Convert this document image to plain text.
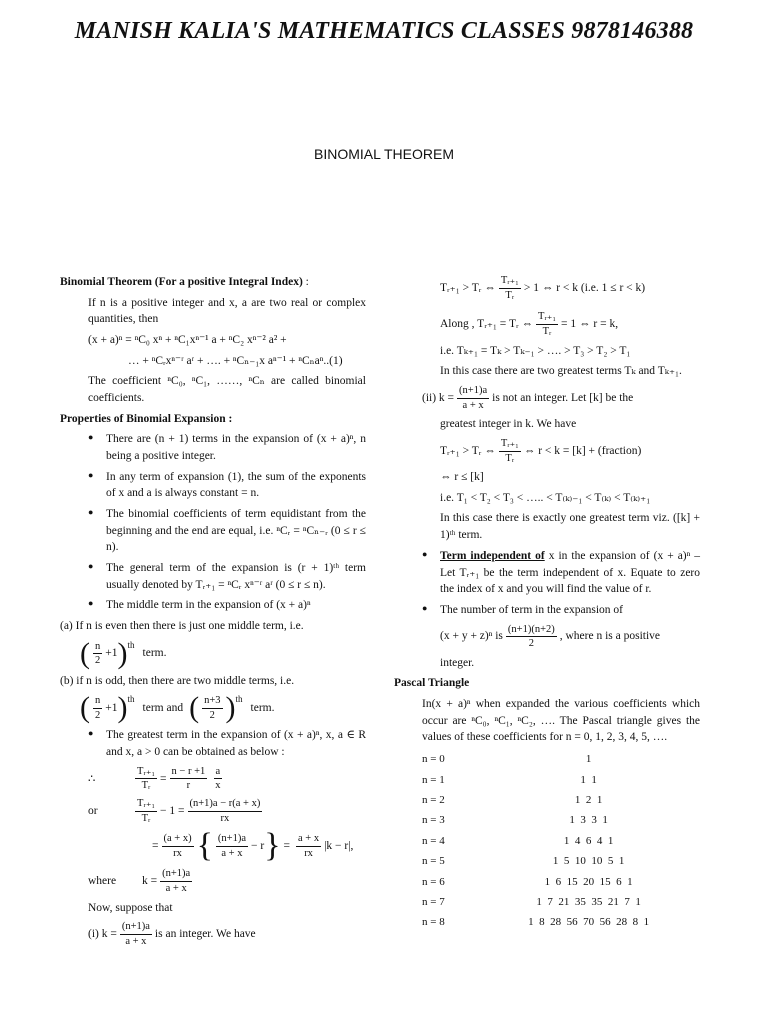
MANISH KALIA'S MATHEMATICS CLASSES 9878146388
BINOMIAL THEOREM
Binomial Theorem (For a positive Integral Index) :
If n is a positive integer and x, a are two real or complex quantities, then
(x + a)ⁿ = ⁿC₀ xⁿ + ⁿC₁xⁿ⁻¹ a + ⁿC₂ xⁿ⁻² a² +
… + ⁿCᵣxⁿ⁻ʳ aʳ + …. + ⁿCₙ₋₁x aⁿ⁻¹ + ⁿCₙaⁿ..(1)
The coefficient ⁿC₀, ⁿC₁, ……, ⁿCₙ are called binomial coefficients.
Properties of Binomial Expansion :
● There are (n + 1) terms in the expansion of (x + a)ⁿ, n being a positive integer.
● In any term of expansion (1), the sum of the exponents of x and a is always constant = n.
● The binomial coefficients of term equidistant from the beginning and the end are equal, i.e. ⁿCᵣ = ⁿCₙ₋ᵣ (0 ≤ r ≤ n).
● The general term of the expansion is (r + 1)ᵗʰ term usually denoted by Tᵣ₊₁ = ⁿCᵣ xⁿ⁻ʳ aʳ (0 ≤ r ≤ n).
● The middle term in the expansion of (x + a)ⁿ
(a) If n is even then there is just one middle term, i.e.
( $\frac{n}{2} +1$ )$^{th}$
term.
(b) if n is odd, then there are two middle terms, i.e.
( $\frac{n}{2} +1$ )$^{th}$
term and ( $\frac{n+3}{2} )^{th}$
term.
● The greatest term in the expansion of (x + a)ⁿ, x, a ∈ R and x, a > 0 can be obtained as below :
∴	$\frac{\text{Tᵣ₊₁}}{\text{Tᵣ}} = \frac{n - r +1}{r} \frac{a}{x}$
or	$\frac{\text{Tᵣ₊₁}}{\text{Tᵣ}} - 1 = \frac{(n+1)a - r(a + x)}{rx}$
= $\frac{(a + x)}{rx}$ { $\frac{(n+1)a}{a + x} - r$ } = $\frac{a + x}{rx} |k - r|$,
where	$k = \frac{(n+1)a}{a + x}$
Now, suppose that
(i) $k = \frac{(n+1)a}{a + x}$ is an integer. We have
Tᵣ₊₁ > Tᵣ ⇔ $\frac{\text{Tᵣ₊₁}}{\text{Tᵣ}} > 1$ ⇔ r < k (i.e. 1 ≤ r < k)
Along , Tᵣ₊₁ = Tᵣ ⇔ $\frac{\text{Tᵣ₊₁}}{\text{Tᵣ}} = 1$ ⇔ r = k,
i.e. Tₖ₊₁ = Tₖ > Tₖ₋₁ > …. > T₃ > T₂ > T₁
In this case there are two greatest terms Tₖ and Tₖ₊₁.
(ii) $k = \frac{(n+1)a}{a + x}$ is not an integer. Let [k] be the
greatest integer in k. We have
Tᵣ₊₁ > Tᵣ ⇔ $\frac{\text{Tᵣ₊₁}}{\text{Tᵣ}}$ ⇔ r < k = [k] + (fraction)
⇔ r ≤ [k]
i.e. T₁ < T₂ < T₃ < ….. < T₍ₖ₎₋₁ < T₍ₖ₎ < T₍ₖ₎₊₁
In this case there is exactly one greatest term viz. ([k] + 1)ᵗʰ term.
● Term independent of x in the expansion of (x + a)ⁿ – Let Tᵣ₊₁ be the term independent of x. Equate to zero the index of x and you will find the value of r.
● The number of term in the expansion of
(x + y + z)ⁿ is $\frac{(n+1)(n+2)}{2}$ , where n is a positive
integer.
Pascal Triangle
In(x + a)ⁿ when expanded the various coefficients which occur are ⁿC₀, ⁿC₁, ⁿC₂, …. The Pascal triangle gives the values of these coefficients for n = 0, 1, 2, 3, 4, 5, ….
n = 0	1
n = 1	1  1
n = 2	1  2  1
n = 3	1  3  3  1
n = 4	1  4  6  4  1
n = 5	1  5  10  10  5  1
n = 6	1  6  15  20  15  6  1
n = 7	1  7  21  35  35  21  7  1
n = 8	1  8  28  56  70  56  28  8  1
